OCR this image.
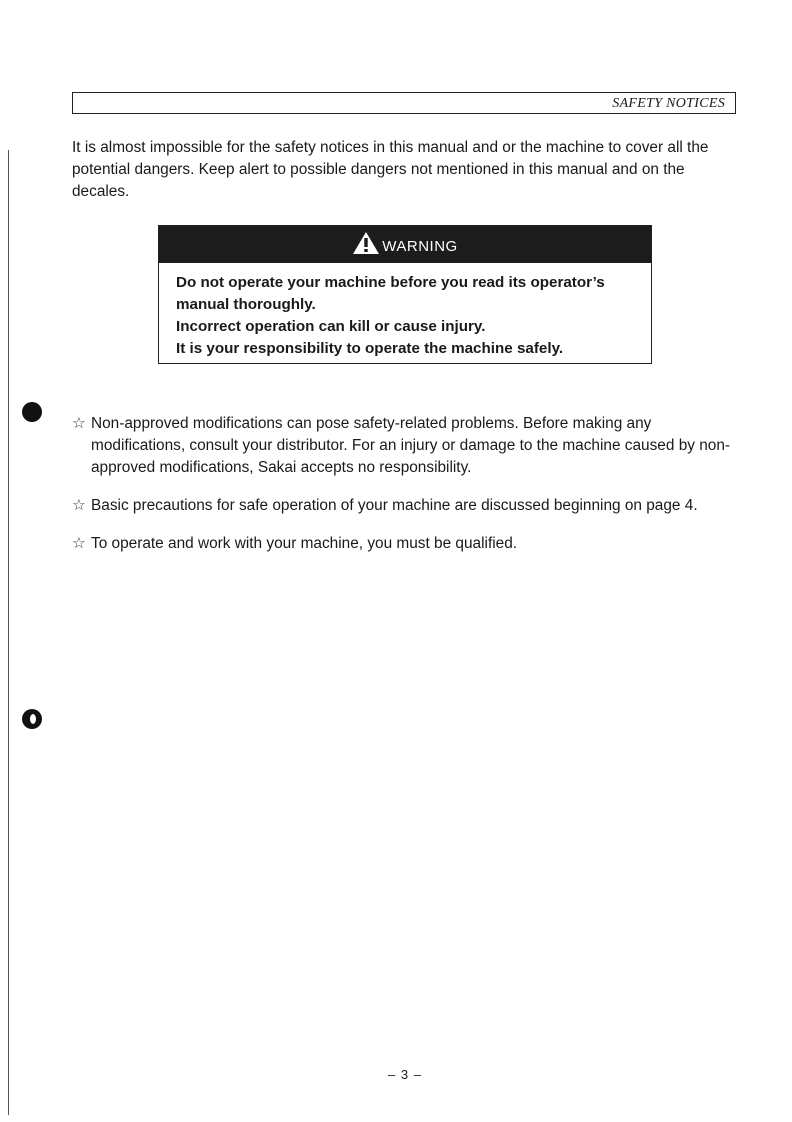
SAFETY NOTICES

It is almost impossible for the safety notices in this manual and or the machine to cover all the potential dangers. Keep alert to possible dangers not mentioned in this manual and on the decales.

WARNING
Do not operate your machine before you read its operator’s
manual thoroughly.
Incorrect operation can kill or cause injury.
It is your responsibility to operate the machine safely.
☆ Non-approved modifications can pose safety-related problems. Before making any modifications, consult your distributor. For an injury or damage to the machine caused by non-approved modifications, Sakai accepts no responsibility.
☆ Basic precautions for safe operation of your machine are discussed beginning on page 4.
☆ To operate and work with your machine, you must be qualified.
– 3 –
